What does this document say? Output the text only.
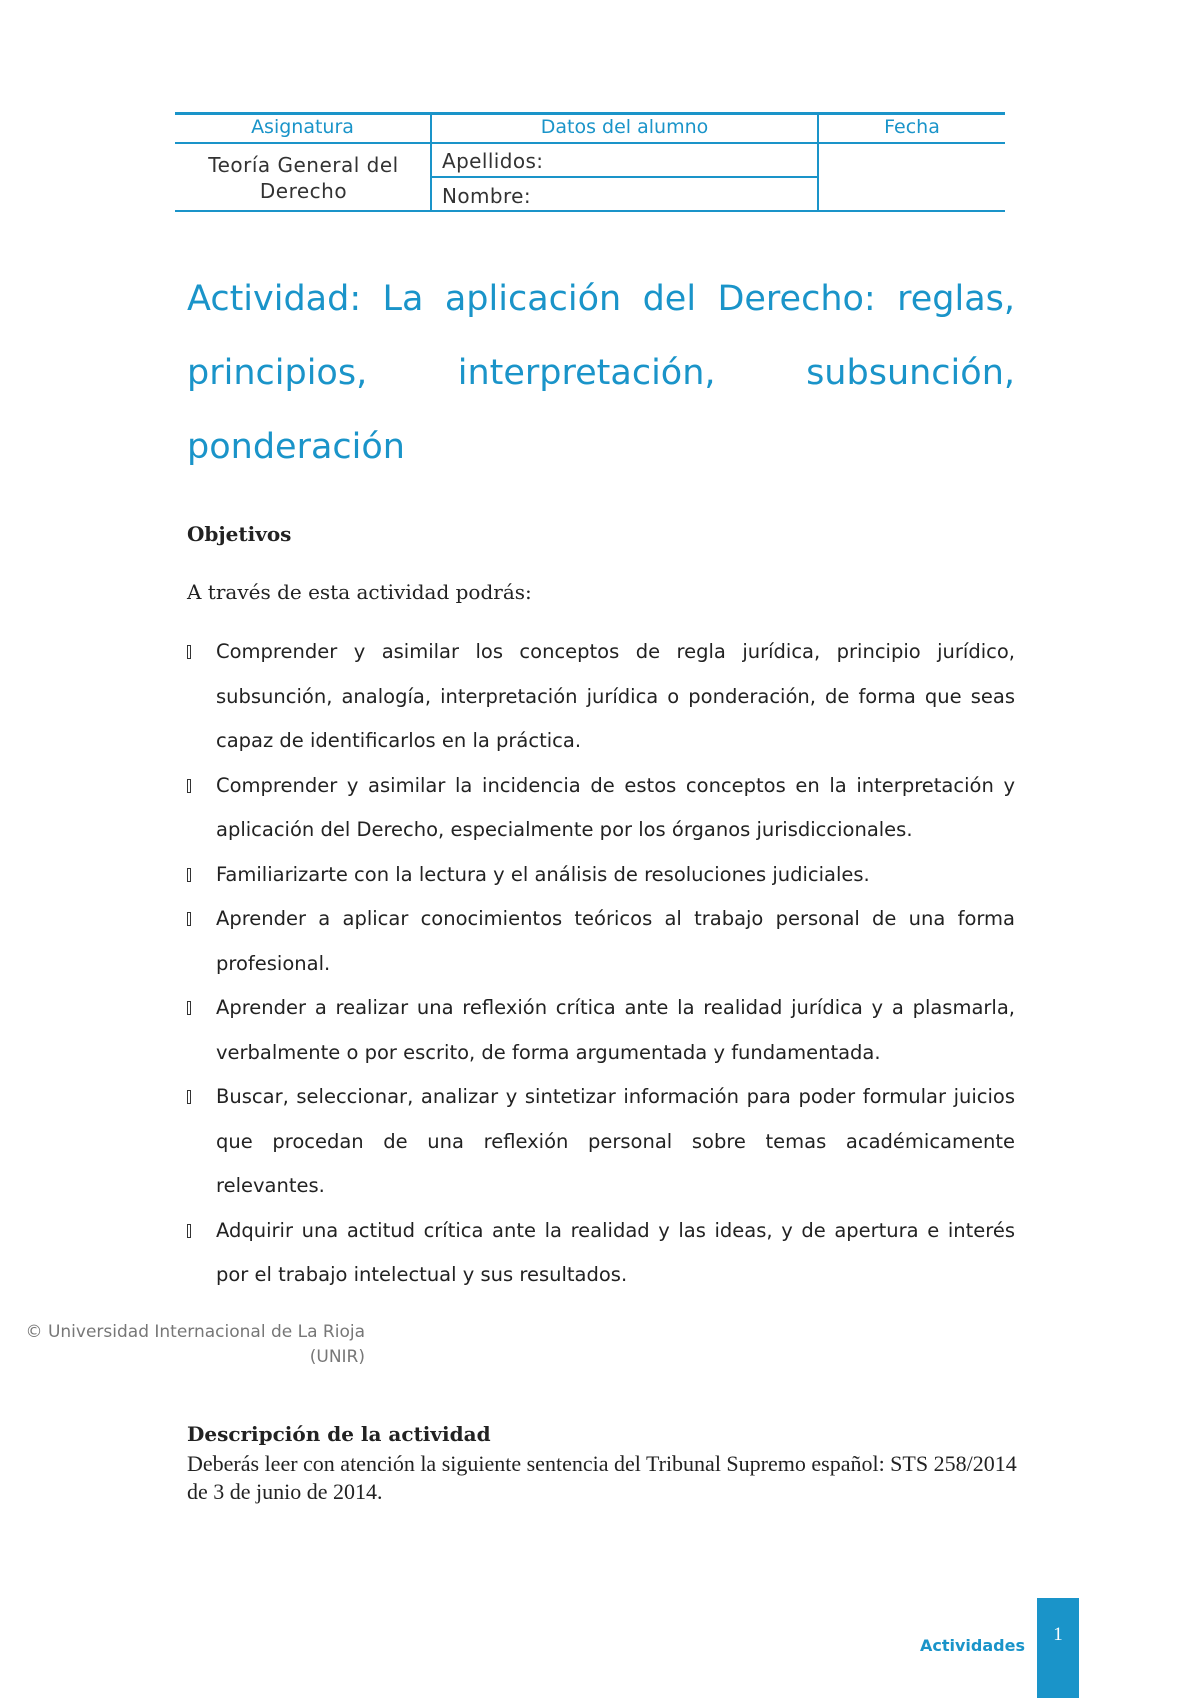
Asignatura	Datos del alumno	Fecha
Teoría General del Derecho
Apellidos:
Nombre:
Actividad: La aplicación del Derecho: reglas, principios, interpretación, subsunción, ponderación
Objetivos
A través de esta actividad podrás:
Comprender y asimilar los conceptos de regla jurídica, principio jurídico, subsunción, analogía, interpretación jurídica o ponderación, de forma que seas capaz de identificarlos en la práctica.
Comprender y asimilar la incidencia de estos conceptos en la interpretación y aplicación del Derecho, especialmente por los órganos jurisdiccionales.
Familiarizarte con la lectura y el análisis de resoluciones judiciales.
Aprender a aplicar conocimientos teóricos al trabajo personal de una forma profesional.
Aprender a realizar una reflexión crítica ante la realidad jurídica y a plasmarla, verbalmente o por escrito, de forma argumentada y fundamentada.
Buscar, seleccionar, analizar y sintetizar información para poder formular juicios que procedan de una reflexión personal sobre temas académicamente relevantes.
Adquirir una actitud crítica ante la realidad y las ideas, y de apertura e interés por el trabajo intelectual y sus resultados.
© Universidad Internacional de La Rioja
(UNIR)
Descripción de la actividad
Deberás leer con atención la siguiente sentencia del Tribunal Supremo español: STS 258/2014 de 3 de junio de 2014.
Actividades
1
